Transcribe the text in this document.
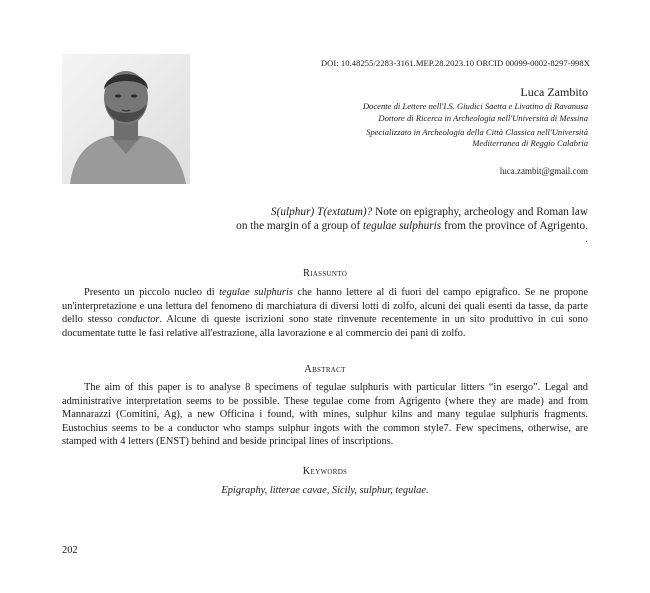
DOI: 10.48255/2283-3161.MEP.28.2023.10 ORCID 00099-0002-8297-998X
Luca Zambito
Docente di Lettere nell'I.S. Giudici Saetta e Livatino di Ravanusa
Dottore di Ricerca in Archeologia nell'Università di Messina
Specializzato in Archeologia della Città Classica nell'Università
Mediterranea di Reggio Calabria
luca.zambit@gmail.com
S(ulphur) T(extatum)? Note on epigraphy, archeology and Roman law
on the margin of a group of tegulae sulphuris from the province of Agrigento.
.
Riassunto
Presento un piccolo nucleo di tegulae sulphuris che hanno lettere al di fuori del campo epigrafico. Se ne propone un'interpretazione e una lettura del fenomeno di marchiatura di diversi lotti di zolfo, alcuni dei quali esenti da tasse, da parte dello stesso conductor. Alcune di queste iscrizioni sono state rinvenute recentemente in un sito produttivo in cui sono documentate tutte le fasi relative all'estrazione, alla lavorazione e al commercio dei pani di zolfo.
Abstract
The aim of this paper is to analyse 8 specimens of tegulae sulphuris with particular litters “in esergo”. Legal and administrative interpretation seems to be possible. These tegulae come from Agrigento (where they are made) and from Mannarazzi (Comitini, Ag), a new Officina i found, with mines, sulphur kilns and many tegulae sulphuris fragments. Eustochius seems to be a conductor who stamps sulphur ingots with the common style7. Few specimens, otherwise, are stamped with 4 letters (ENST) behind and beside principal lines of inscriptions.
Keywords
Epigraphy, litterae cavae, Sicily, sulphur, tegulae.
202
